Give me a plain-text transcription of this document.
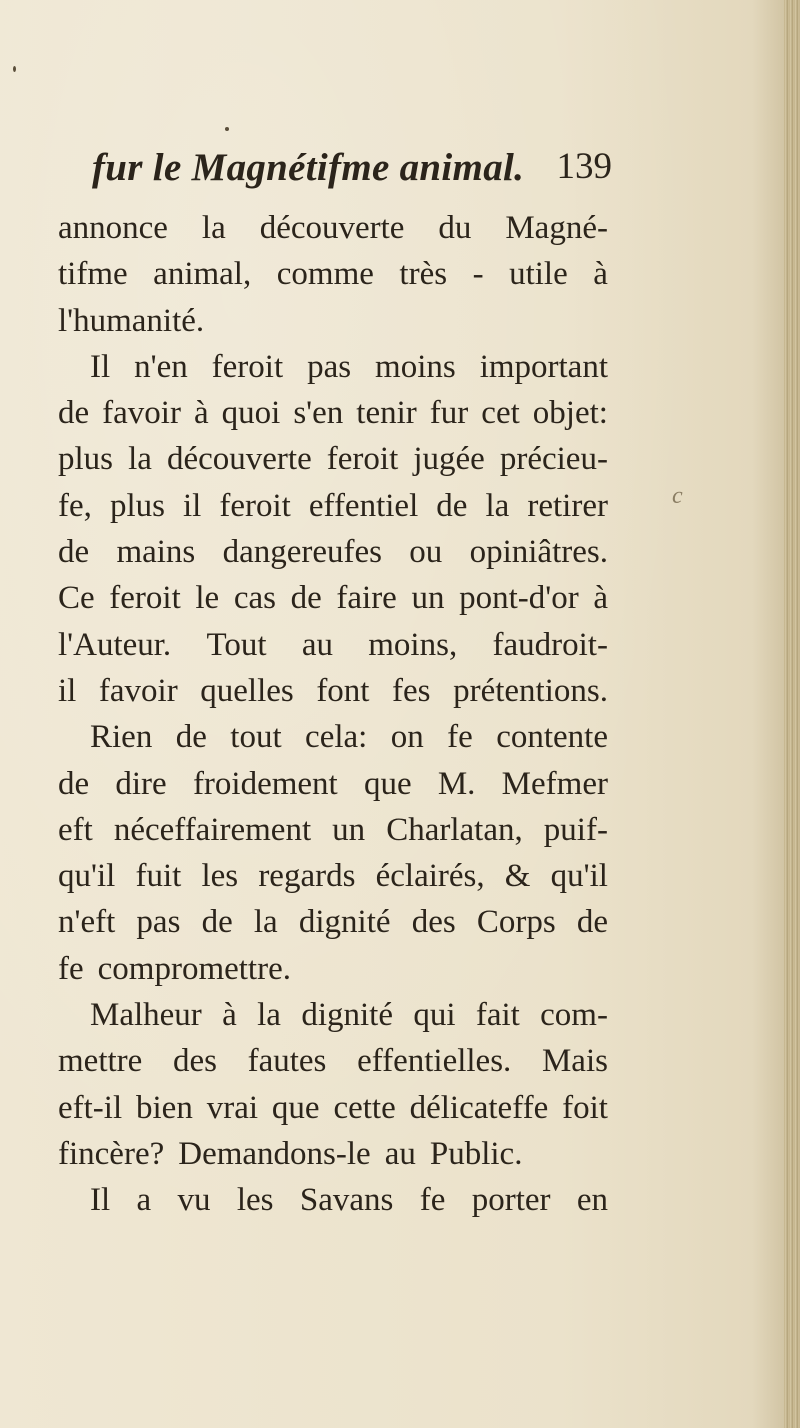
fur le Magnétifme animal. 139
c
annonce la découverte du Magné-
tifme animal, comme très - utile à
l'humanité.
Il n'en feroit pas moins important
de favoir à quoi s'en tenir fur cet objet:
plus la découverte feroit jugée précieu-
fe, plus il feroit effentiel de la retirer
de mains dangereufes ou opiniâtres.
Ce feroit le cas de faire un pont-d'or à
l'Auteur. Tout au moins, faudroit-
il favoir quelles font fes prétentions.
Rien de tout cela: on fe contente
de dire froidement que M. Mefmer
eft néceffairement un Charlatan, puif-
qu'il fuit les regards éclairés, & qu'il
n'eft pas de la dignité des Corps de
fe compromettre.
Malheur à la dignité qui fait com-
mettre des fautes effentielles. Mais
eft-il bien vrai que cette délicateffe foit
fincère? Demandons-le au Public.
Il a vu les Savans fe porter en
